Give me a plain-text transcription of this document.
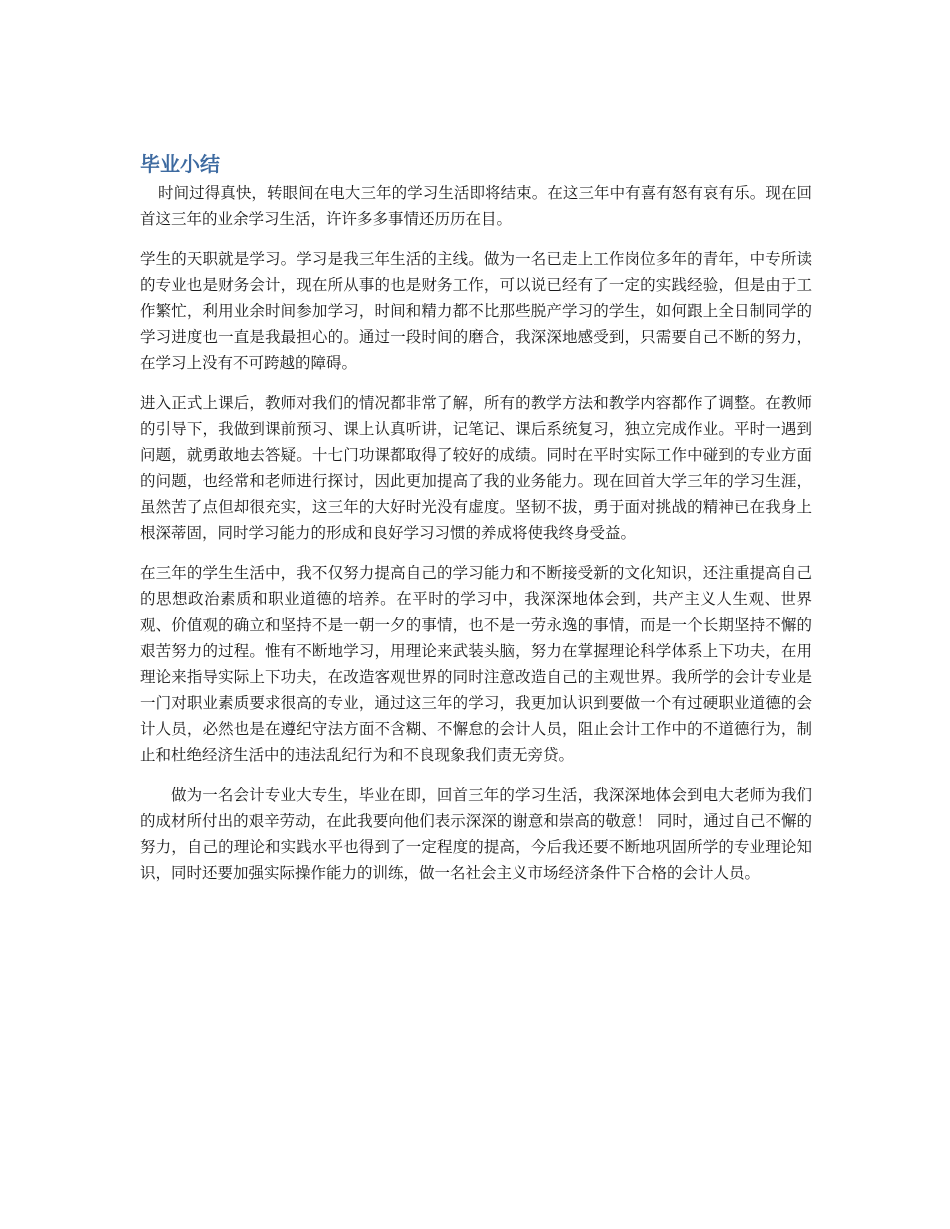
毕业小结

时间过得真快，转眼间在电大三年的学习生活即将结束。在这三年中有喜有怒有哀有乐。现在回首这三年的业余学习生活，许许多多事情还历历在目。

学生的天职就是学习。学习是我三年生活的主线。做为一名已走上工作岗位多年的青年，中专所读的专业也是财务会计，现在所从事的也是财务工作，可以说已经有了一定的实践经验，但是由于工作繁忙，利用业余时间参加学习，时间和精力都不比那些脱产学习的学生，如何跟上全日制同学的学习进度也一直是我最担心的。通过一段时间的磨合，我深深地感受到，只需要自己不断的努力，在学习上没有不可跨越的障碍。

进入正式上课后，教师对我们的情况都非常了解，所有的教学方法和教学内容都作了调整。在教师的引导下，我做到课前预习、课上认真听讲，记笔记、课后系统复习，独立完成作业。平时一遇到问题，就勇敢地去答疑。十七门功课都取得了较好的成绩。同时在平时实际工作中碰到的专业方面的问题，也经常和老师进行探讨，因此更加提高了我的业务能力。现在回首大学三年的学习生涯，虽然苦了点但却很充实，这三年的大好时光没有虚度。坚韧不拔，勇于面对挑战的精神已在我身上根深蒂固，同时学习能力的形成和良好学习习惯的养成将使我终身受益。

在三年的学生生活中，我不仅努力提高自己的学习能力和不断接受新的文化知识，还注重提高自己的思想政治素质和职业道德的培养。在平时的学习中，我深深地体会到，共产主义人生观、世界观、价值观的确立和坚持不是一朝一夕的事情，也不是一劳永逸的事情，而是一个长期坚持不懈的艰苦努力的过程。惟有不断地学习，用理论来武装头脑，努力在掌握理论科学体系上下功夫，在用理论来指导实际上下功夫，在改造客观世界的同时注意改造自己的主观世界。我所学的会计专业是一门对职业素质要求很高的专业，通过这三年的学习，我更加认识到要做一个有过硬职业道德的会计人员，必然也是在遵纪守法方面不含糊、不懈怠的会计人员，阻止会计工作中的不道德行为，制止和杜绝经济生活中的违法乱纪行为和不良现象我们责无旁贷。

做为一名会计专业大专生，毕业在即，回首三年的学习生活，我深深地体会到电大老师为我们的成材所付出的艰辛劳动，在此我要向他们表示深深的谢意和崇高的敬意！ 同时，通过自己不懈的努力，自己的理论和实践水平也得到了一定程度的提高，今后我还要不断地巩固所学的专业理论知识，同时还要加强实际操作能力的训练，做一名社会主义市场经济条件下合格的会计人员。
